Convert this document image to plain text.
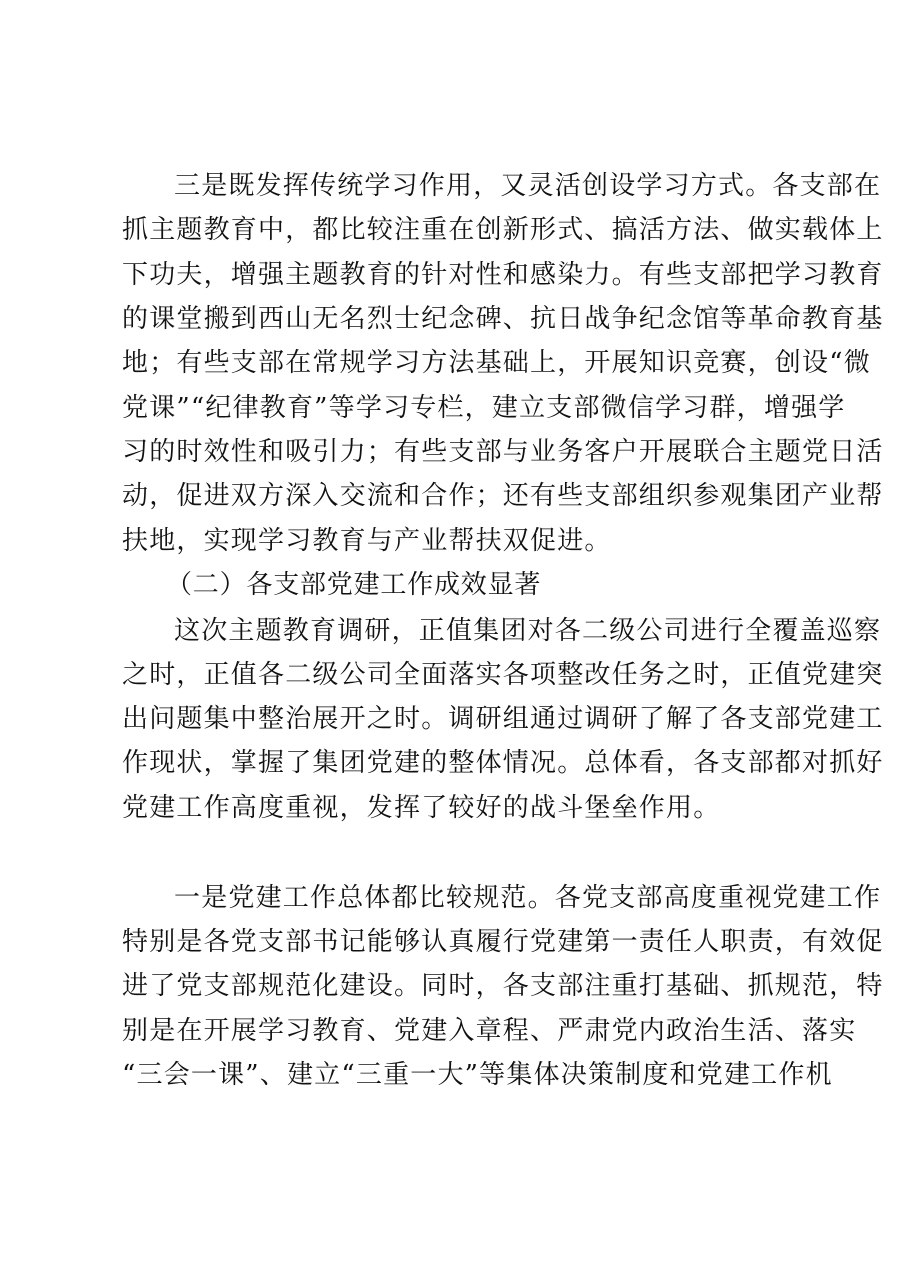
三是既发挥传统学习作用，又灵活创设学习方式。各支部在
抓主题教育中，都比较注重在创新形式、搞活方法、做实载体上
下功夫，增强主题教育的针对性和感染力。有些支部把学习教育
的课堂搬到西山无名烈士纪念碑、抗日战争纪念馆等革命教育基
地；有些支部在常规学习方法基础上，开展知识竞赛，创设“微
党课”“纪律教育”等学习专栏，建立支部微信学习群，增强学
习的时效性和吸引力；有些支部与业务客户开展联合主题党日活
动，促进双方深入交流和合作；还有些支部组织参观集团产业帮
扶地，实现学习教育与产业帮扶双促进。
（二）各支部党建工作成效显著
这次主题教育调研，正值集团对各二级公司进行全覆盖巡察
之时，正值各二级公司全面落实各项整改任务之时，正值党建突
出问题集中整治展开之时。调研组通过调研了解了各支部党建工
作现状，掌握了集团党建的整体情况。总体看，各支部都对抓好
党建工作高度重视，发挥了较好的战斗堡垒作用。
一是党建工作总体都比较规范。各党支部高度重视党建工作
特别是各党支部书记能够认真履行党建第一责任人职责，有效促
进了党支部规范化建设。同时，各支部注重打基础、抓规范，特
别是在开展学习教育、党建入章程、严肃党内政治生活、落实
“三会一课”、建立“三重一大”等集体决策制度和党建工作机
